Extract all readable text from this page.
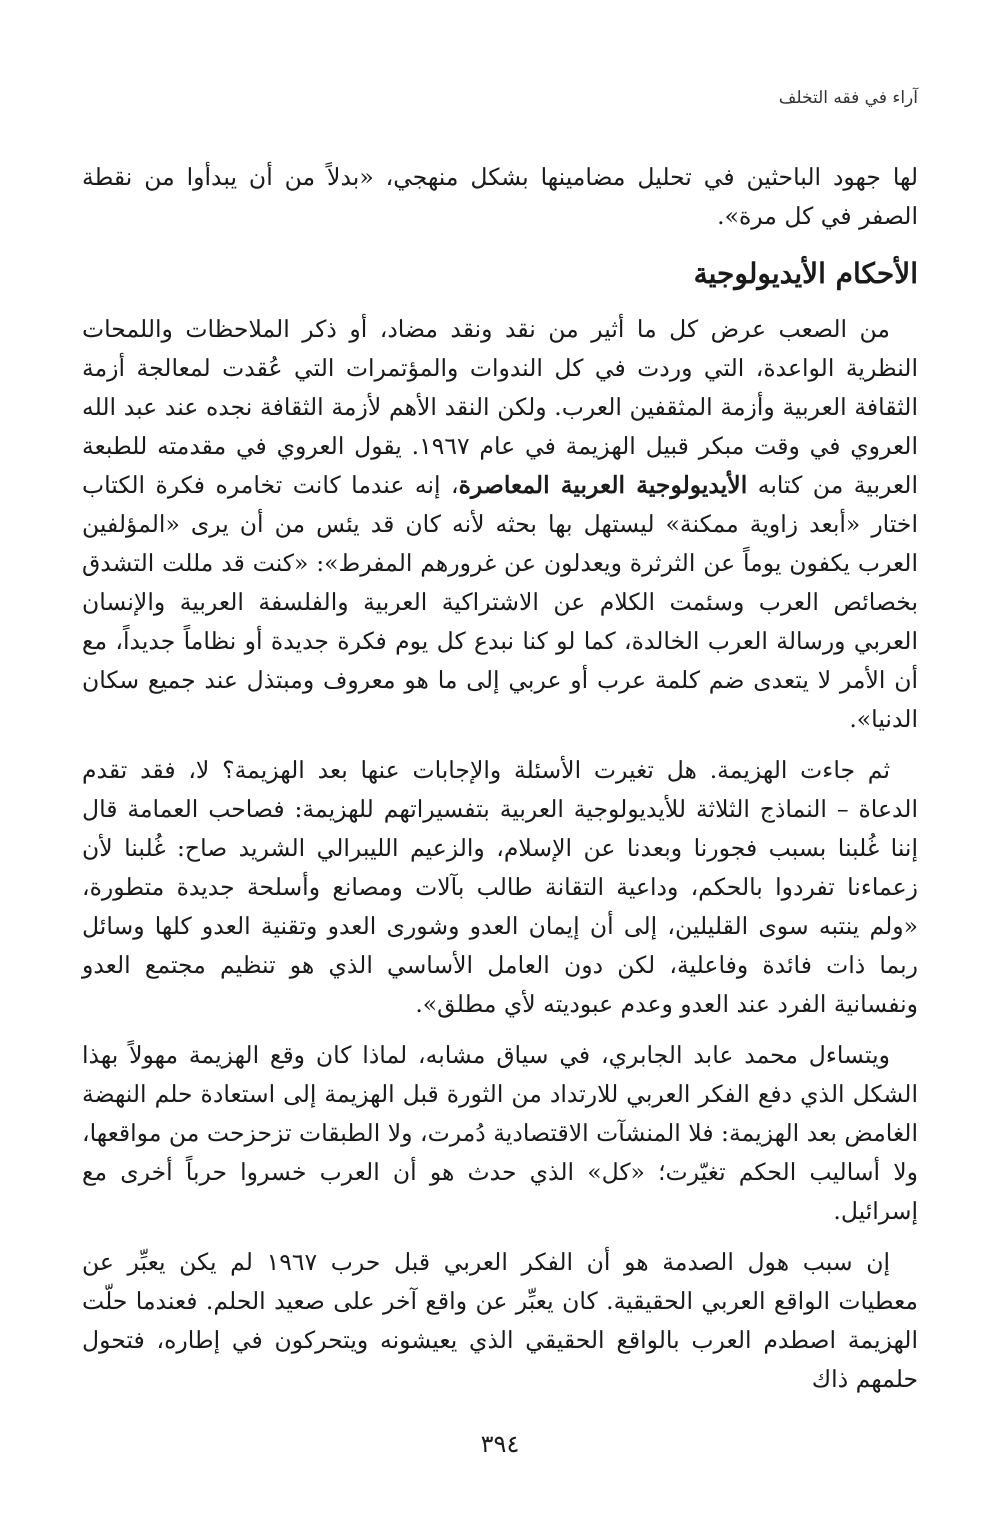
آراء في فقه التخلف

لها جهود الباحثين في تحليل مضامينها بشكل منهجي، «بدلاً من أن يبدأوا من نقطة الصفر في كل مرة».

الأحكام الأيديولوجية

من الصعب عرض كل ما أثير من نقد ونقد مضاد، أو ذكر الملاحظات واللمحات النظرية الواعدة، التي وردت في كل الندوات والمؤتمرات التي عُقدت لمعالجة أزمة الثقافة العربية وأزمة المثقفين العرب. ولكن النقد الأهم لأزمة الثقافة نجده عند عبد الله العروي في وقت مبكر قبيل الهزيمة في عام ١٩٦٧. يقول العروي في مقدمته للطبعة العربية من كتابه الأيديولوجية العربية المعاصرة، إنه عندما كانت تخامره فكرة الكتاب اختار «أبعد زاوية ممكنة» ليستهل بها بحثه لأنه كان قد يئس من أن يرى «المؤلفين العرب يكفون يوماً عن الثرثرة ويعدلون عن غرورهم المفرط»: «كنت قد مللت التشدق بخصائص العرب وسئمت الكلام عن الاشتراكية العربية والفلسفة العربية والإنسان العربي ورسالة العرب الخالدة، كما لو كنا نبدع كل يوم فكرة جديدة أو نظاماً جديداً، مع أن الأمر لا يتعدى ضم كلمة عرب أو عربي إلى ما هو معروف ومبتذل عند جميع سكان الدنيا».

ثم جاءت الهزيمة. هل تغيرت الأسئلة والإجابات عنها بعد الهزيمة؟ لا، فقد تقدم الدعاة – النماذج الثلاثة للأيديولوجية العربية بتفسيراتهم للهزيمة: فصاحب العمامة قال إننا غُلبنا بسبب فجورنا وبعدنا عن الإسلام، والزعيم الليبرالي الشريد صاح: غُلبنا لأن زعماءنا تفردوا بالحكم، وداعية التقانة طالب بآلات ومصانع وأسلحة جديدة متطورة، «ولم ينتبه سوى القليلين، إلى أن إيمان العدو وشورى العدو وتقنية العدو كلها وسائل ربما ذات فائدة وفاعلية، لكن دون العامل الأساسي الذي هو تنظيم مجتمع العدو ونفسانية الفرد عند العدو وعدم عبوديته لأي مطلق».

ويتساءل محمد عابد الجابري، في سياق مشابه، لماذا كان وقع الهزيمة مهولاً بهذا الشكل الذي دفع الفكر العربي للارتداد من الثورة قبل الهزيمة إلى استعادة حلم النهضة الغامض بعد الهزيمة: فلا المنشآت الاقتصادية دُمرت، ولا الطبقات تزحزحت من مواقعها، ولا أساليب الحكم تغيّرت؛ «كل» الذي حدث هو أن العرب خسروا حرباً أخرى مع إسرائيل.

إن سبب هول الصدمة هو أن الفكر العربي قبل حرب ١٩٦٧ لم يكن يعبِّر عن معطيات الواقع العربي الحقيقية. كان يعبِّر عن واقع آخر على صعيد الحلم. فعندما حلّت الهزيمة اصطدم العرب بالواقع الحقيقي الذي يعيشونه ويتحركون في إطاره، فتحول حلمهم ذاك

٣٩٤
